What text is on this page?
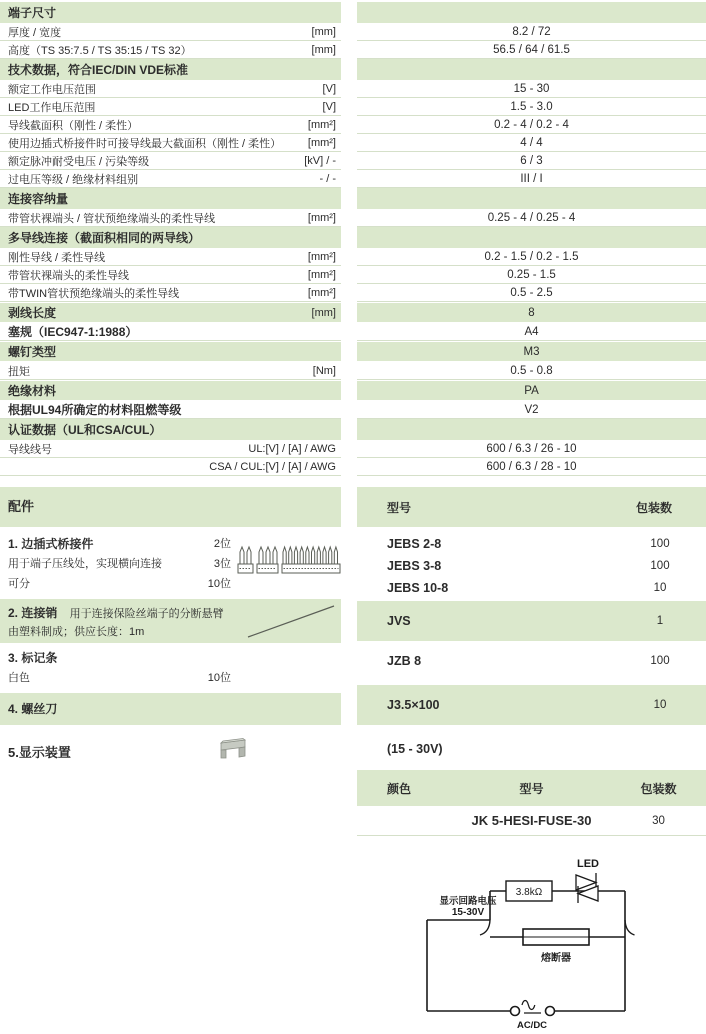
端子尺寸
厚度 / 宽度	[mm]	8.2 / 72
高度（TS 35:7.5 / TS 35:15 / TS 32）	[mm]	56.5 / 64 / 61.5
技术数据，符合IEC/DIN VDE标准
额定工作电压范围	[V]	15 - 30
LED工作电压范围	[V]	1.5 - 3.0
导线截面积（刚性 / 柔性）	[mm²]	0.2 - 4 / 0.2 - 4
使用边插式桥接件时可接导线最大截面积（刚性 / 柔性） [mm²]	4 / 4
额定脉冲耐受电压 / 污染等级	[kV] / -	6 / 3
过电压等级 / 绝缘材料组别	- / -	III / I
连接容纳量
带管状裸端头 / 管状预绝缘端头的柔性导线	[mm²]	0.25 - 4 / 0.25 - 4
多导线连接（截面积相同的两导线）
刚性导线 / 柔性导线	[mm²]	0.2 - 1.5 / 0.2 - 1.5
带管状裸端头的柔性导线	[mm²]	0.25 - 1.5
带TWIN管状预绝缘端头的柔性导线	[mm²]	0.5 - 2.5
剥线长度	[mm]	8
塞规（IEC947-1:1988）	A4
螺钉类型	M3
扭矩	[Nm]	0.5 - 0.8
绝缘材料	PA
根据UL94所确定的材料阻燃等级	V2
认证数据（UL和CSA/CUL）
导线线号	UL:[V] / [A] / AWG	600 / 6.3 / 26 - 10
CSA / CUL:[V] / [A] / AWG	600 / 6.3 / 28 - 10
配件
1. 边插式桥接件	2位
用于端子压线处，实现横向连接	3位
可分	10位
2. 连接销 用于连接保险丝端子的分断悬臂
由塑料制成；供应长度：1m
3. 标记条
白色	10位
4. 螺丝刀
5.显示装置
型号	包装数
JEBS 2-8	100
JEBS 3-8	100
JEBS 10-8	10
JVS	1
JZB 8	100
J3.5×100	10
(15 - 30V)
颜色	型号	包装数
JK 5-HESI-FUSE-30	30
3.8kΩ
LED
熔断器
显示回路电压
15-30V
AC/DC
